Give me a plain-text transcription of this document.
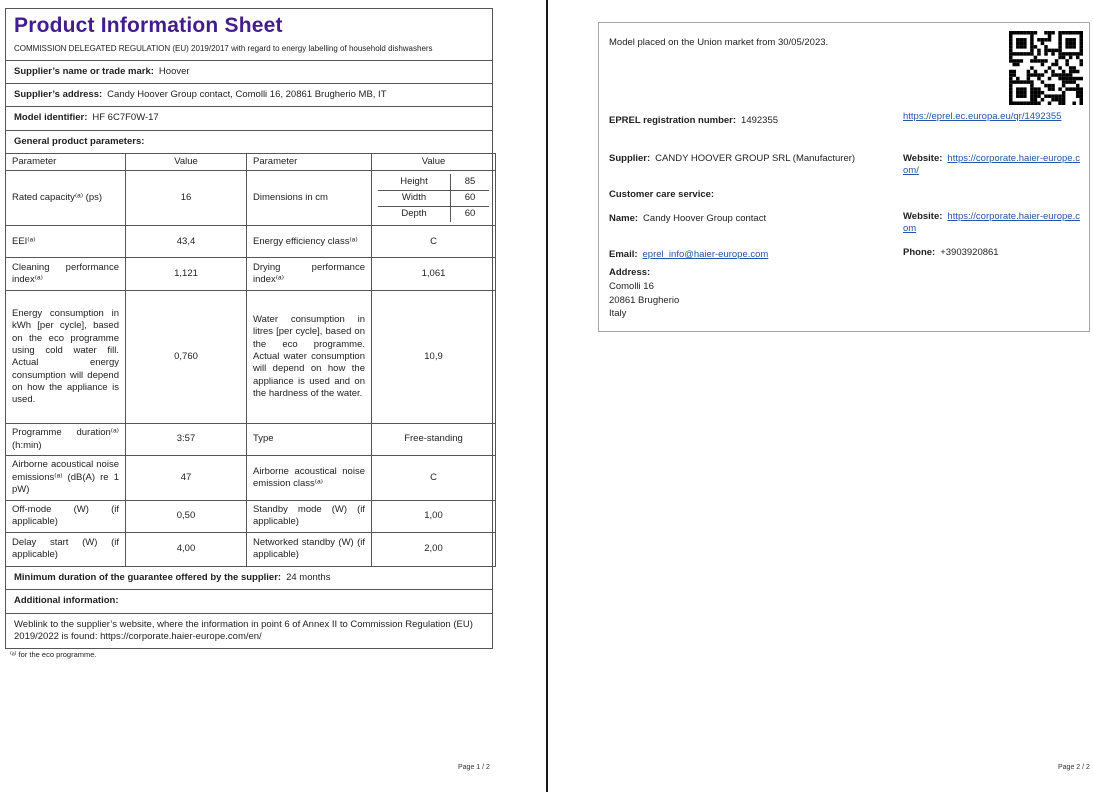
Product Information Sheet
COMMISSION DELEGATED REGULATION (EU) 2019/2017 with regard to energy labelling of household dishwashers
Supplier’s name or trade mark: Hoover
Supplier’s address: Candy Hoover Group contact, Comolli 16, 20861 Brugherio MB, IT
Model identifier: HF 6C7F0W-17
General product parameters:
Parameter	Value	Parameter	Value
Rated capacity⁽ᵃ⁾ (ps)	16	Dimensions in cm	
Height	85
Width	60
Depth	60

EEI⁽ᵃ⁾	43,4	Energy efficiency class⁽ᵃ⁾	C
Cleaning performance index⁽ᵃ⁾	1,121	Drying performance index⁽ᵃ⁾	1,061
Energy consumption in kWh [per cycle], based on the eco programme using cold water fill. Actual energy consumption will depend on how the appliance is used.	0,760	Water consumption in litres [per cycle], based on the eco programme. Actual water consumption will depend on how the appliance is used and on the hardness of the water.	10,9
Programme duration⁽ᵃ⁾ (h:min)	3:57	Type	Free-standing
Airborne acoustical noise emissions⁽ᵃ⁾ (dB(A) re 1 pW)	47	Airborne acoustical noise emission class⁽ᵃ⁾	C
Off-mode (W) (if applicable)	0,50	Standby mode (W) (if applicable)	1,00
Delay start (W) (if applicable)	4,00	Networked standby (W) (if applicable)	2,00
Minimum duration of the guarantee offered by the supplier: 24 months
Additional information:
Weblink to the supplier’s website, where the information in point 6 of Annex II to Commission Regulation (EU) 2019/2022 is found: https://corporate.haier-europe.com/en/
⁽ᵃ⁾ for the eco programme.
Page 1 / 2
Model placed on the Union market from 30/05/2023.
EPREL registration number: 1492355	https://eprel.ec.europa.eu/qr/1492355
Supplier: CANDY HOOVER GROUP SRL (Manufacturer)	Website: https://corporate.haier-europe.com/
Customer care service:
Name: Candy Hoover Group contact	Website: https://corporate.haier-europe.com
Email: eprel_info@haier-europe.com	Phone: +3903920861
Address:
Comolli 16
20861 Brugherio
Italy
Page 2 / 2
